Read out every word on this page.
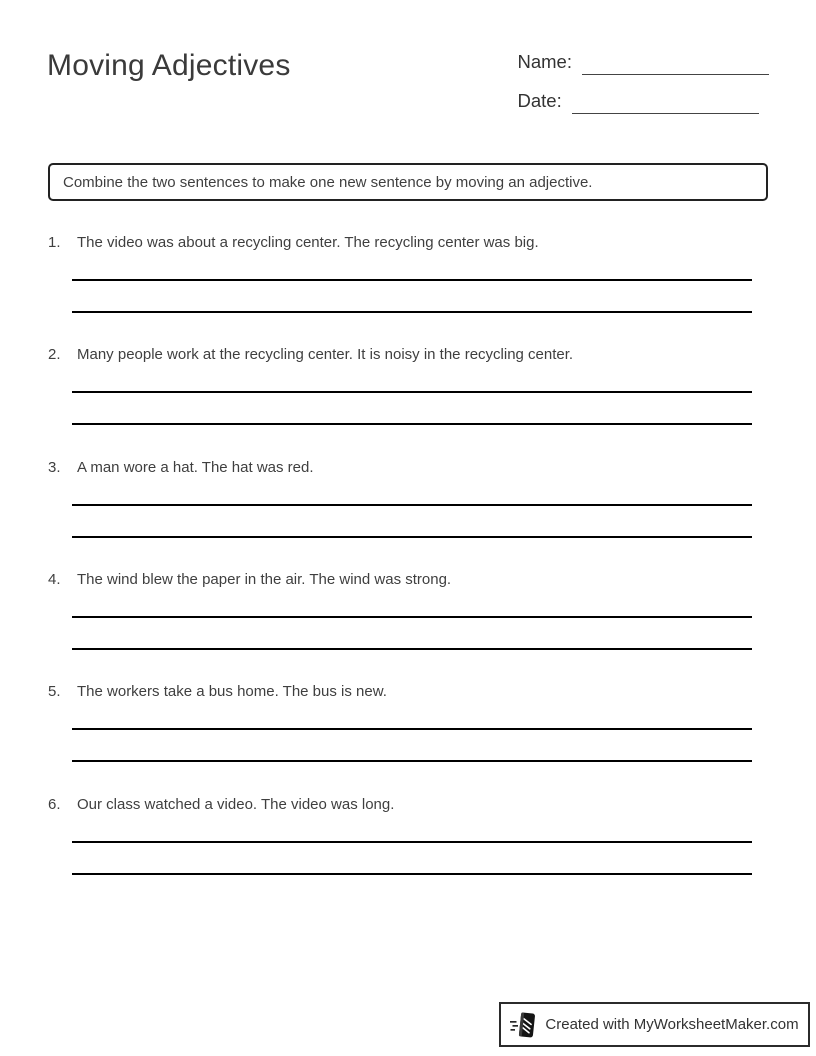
Moving Adjectives	Name:
Date:
Combine the two sentences to make one new sentence by moving an adjective.
1.	The video was about a recycling center. The recycling center was big.
2.	Many people work at the recycling center. It is noisy in the recycling center.
3.	A man wore a hat. The hat was red.
4.	The wind blew the paper in the air. The wind was strong.
5.	The workers take a bus home. The bus is new.
6.	Our class watched a video. The video was long.
Created with MyWorksheetMaker.com
